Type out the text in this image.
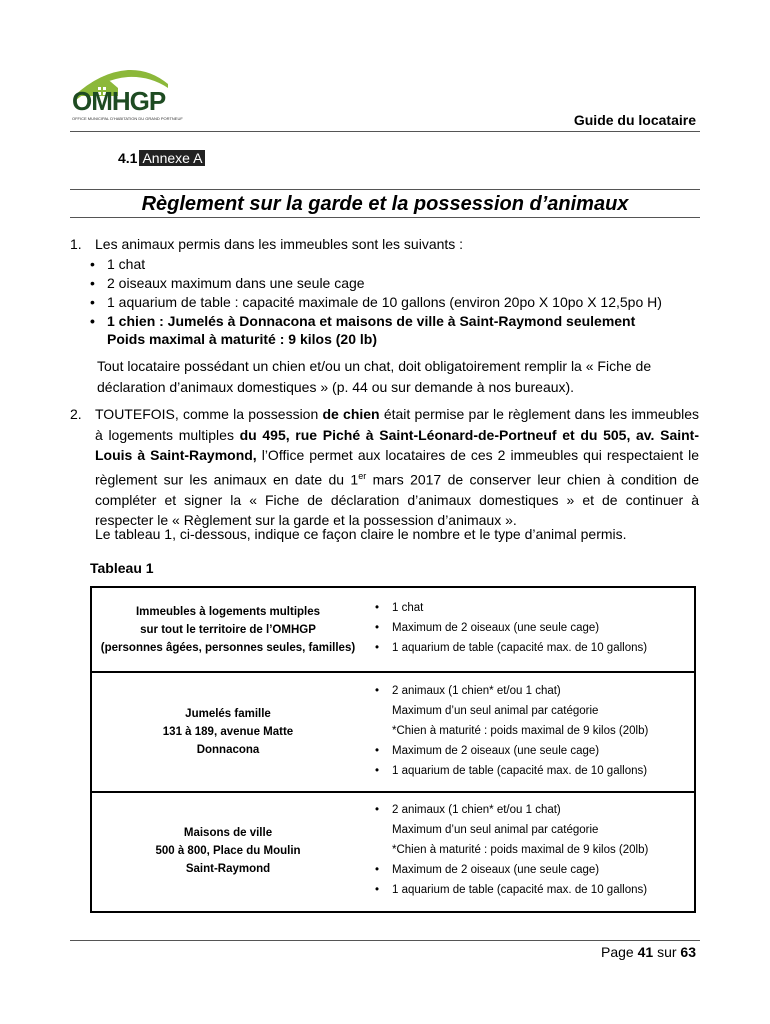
OMHGP
OFFICE MUNICIPAL D'HABITATION DU GRAND PORTNEUF	Guide du locataire
4.1 Annexe A
Règlement sur la garde et la possession d’animaux
1. Les animaux permis dans les immeubles sont les suivants :
• 1 chat
• 2 oiseaux maximum dans une seule cage
• 1 aquarium de table : capacité maximale de 10 gallons (environ 20po X 10po X 12,5po H)
• 1 chien : Jumelés à Donnacona et maisons de ville à Saint-Raymond seulement
Poids maximal à maturité : 9 kilos (20 lb)
Tout locataire possédant un chien et/ou un chat, doit obligatoirement remplir la « Fiche de déclaration d’animaux domestiques » (p. 44 ou sur demande à nos bureaux).
2. TOUTEFOIS, comme la possession de chien était permise par le règlement dans les immeubles à logements multiples du 495, rue Piché à Saint-Léonard-de-Portneuf et du 505, av. Saint-Louis à Saint-Raymond, l’Office permet aux locataires de ces 2 immeubles qui respectaient le règlement sur les animaux en date du 1er mars 2017 de conserver leur chien à condition de compléter et signer la « Fiche de déclaration d’animaux domestiques » et de continuer à respecter le « Règlement sur la garde et la possession d’animaux ».
Le tableau 1, ci-dessous, indique ce façon claire le nombre et le type d’animal permis.
Tableau 1
Immeubles à logements multiples
sur tout le territoire de l’OMHGP
(personnes âgées, personnes seules, familles)
• 1 chat
• Maximum de 2 oiseaux (une seule cage)
• 1 aquarium de table (capacité max. de 10 gallons)
Jumelés famille
131 à 189, avenue Matte
Donnacona
• 2 animaux (1 chien* et/ou 1 chat)
Maximum d’un seul animal par catégorie
*Chien à maturité : poids maximal de 9 kilos (20lb)
• Maximum de 2 oiseaux (une seule cage)
• 1 aquarium de table (capacité max. de 10 gallons)
Maisons de ville
500 à 800, Place du Moulin
Saint-Raymond
• 2 animaux (1 chien* et/ou 1 chat)
Maximum d’un seul animal par catégorie
*Chien à maturité : poids maximal de 9 kilos (20lb)
• Maximum de 2 oiseaux (une seule cage)
• 1 aquarium de table (capacité max. de 10 gallons)
Page 41 sur 63
